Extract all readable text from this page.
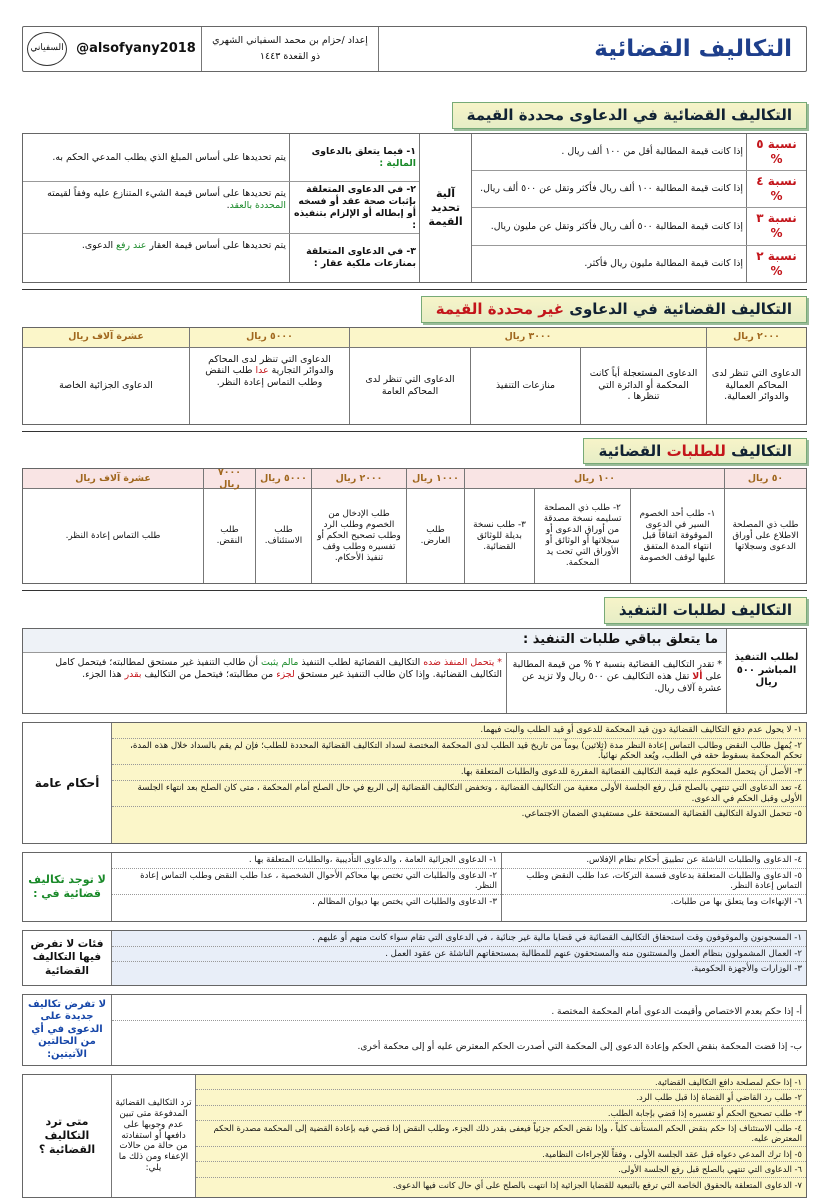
التكاليف القضائية
إعداد /حزام بن محمد السفياني الشهري
ذو القعدة ١٤٤٣
@alsofyany2018
السفياني
التكاليف القضائية في الدعاوى محددة القيمة
نسبة ٥ %
إذا كانت قيمة المطالبة أقل من ١٠٠ ألف ريال .
نسبة ٤ %
إذا كانت قيمة المطالبة ١٠٠ ألف ريال فأكثر وتقل عن ٥٠٠ ألف ريال.
نسبة ٣ %
إذا كانت قيمة المطالبة ٥٠٠ ألف ريال فأكثر وتقل عن مليون ريال.
نسبة ٢ %
إذا كانت قيمة المطالبة مليون ريال فأكثر.
آلية تحديد القيمة
١- فيما يتعلق بالدعاوى
المالية :
يتم تحديدها على أساس المبلغ الذي يطلب المدعي الحكم به.
٢- في الدعاوى المتعلقة بإثبات صحة عقد أو فسخه أو إبطاله أو الإلزام بتنفيذه :
يتم تحديدها على أساس قيمة الشيء المتنازع عليه وفقاً لقيمته المحددة بالعقد.
٣- في الدعاوى المتعلقة بمنازعات ملكية عقار :
يتم تحديدها على أساس قيمة العقار عند رفع الدعوى.
التكاليف القضائية في الدعاوى غير محددة القيمة
٢٠٠٠ ريال
٣٠٠٠ ريال
٥٠٠٠ ريال
عشرة آلاف ريال
الدعاوى التي تنظر لدى المحاكم العمالية والدوائر العمالية.
الدعاوى المستعجلة أياً كانت المحكمة أو الدائرة التي تنظرها .
منازعات التنفيذ
الدعاوى التي تنظر لدى المحاكم العامة
الدعاوى التي تنظر لدى المحاكم والدوائر التجارية عدا طلب النقض وطلب التماس إعادة النظر.
الدعاوى الجزائية الخاصة
التكاليف للطلبات القضائية
٥٠ ريال
١٠٠ ريال
١٠٠٠ ريال
٢٠٠٠ ريال
٥٠٠٠ ريال
٧٠٠٠ ريال
عشرة آلاف ريال
طلب ذي المصلحة الاطلاع على أوراق الدعوى وسجلاتها
١- طلب أحد الخصوم السير في الدعوى الموقوفة اتفاقاً قبل انتهاء المدة المتفق عليها لوقف الخصومة
٢- طلب ذي المصلحة تسليمه نسخة مصدقة من أوراق الدعوى أو سجلاتها أو الوثائق أو الأوراق التي تحت يد المحكمة.
٣- طلب نسخة بديلة للوثائق القضائية.
طلب العارض.
طلب الإدخال من الخصوم وطلب الرد وطلب تصحيح الحكم أو تفسيره وطلب وقف تنفيذ الأحكام.
طلب الاستئناف.
طلب النقض.
طلب التماس إعادة النظر.
التكاليف لطلبات التنفيذ
لطلب التنفيذ المباشر ٥٠٠ ريال
ما يتعلق بباقي طلبات التنفيذ :
* تقدر التكاليف القضائية بنسبة ٢ % من قيمة المطالبة على ألا تقل هذه التكاليف عن ٥٠٠ ريال ولا تزيد عن عشرة آلاف ريال.
* يتحمل المنفذ ضده التكاليف القضائية لطلب التنفيذ مالم يثبت أن طالب التنفيذ غير مستحق لمطالبته؛ فيتحمل كامل التكاليف القضائية. وإذا كان طالب التنفيذ غير مستحق لجزء من مطالبته؛ فيتحمل من التكاليف بقدر هذا الجزء.
١- لا يحول عدم دفع التكاليف القضائية دون قيد المحكمة للدعوى أو قيد الطلب والبت فيهما.
٢- يُمهل طالب النقض وطالب التماس إعادة النظر مدة (ثلاثين) يوماً من تاريخ قيد الطلب لدى المحكمة المختصة لسداد التكاليف القضائية المحددة للطلب؛ فإن لم يقم بالسداد خلال هذه المدة، تحكم المحكمة بسقوط حقه في الطلب، ويُعد الحكم نهائياً.
٣- الأصل أن يتحمل المحكوم عليه قيمة التكاليف القضائية المقررة للدعوى والطلبات المتعلقة بها.
٤- تعد الدعاوى التي تنتهي بالصلح قبل رفع الجلسة الأولى معفية من التكاليف القضائية ، وتخفض التكاليف القضائية إلى الربع في حال الصلح أمام المحكمة ، متى كان الصلح بعد انتهاء الجلسة الأولى وقبل الحكم في الدعوى.
٥- تتحمل الدولة التكاليف القضائية المستحقة على مستفيدي الضمان الاجتماعي.
أحكام عامة
٤- الدعاوى والطلبات الناشئة عن تطبيق أحكام نظام الإفلاس.
٥- الدعاوى والطلبات المتعلقة بدعاوى قسمة التركات، عدا طلب النقض وطلب التماس إعادة النظر.
٦- الإنهاءات وما يتعلق بها من طلبات.
١- الدعاوى الجزائية العامة ، والدعاوى التأديبية ،والطلبات المتعلقة بها .
٢- الدعاوى والطلبات التي تختص بها محاكم الأحوال الشخصية ، عدا طلب النقض وطلب التماس إعادة النظر.
٣- الدعاوى والطلبات التي يختص بها ديوان المظالم .
لا توجد تكاليف قضائية في :
١- المسجونون والموقوفون وقت استحقاق التكاليف القضائية في قضايا مالية غير جنائية ، في الدعاوى التي تقام سواء كانت منهم أو عليهم .
٢- العمال المشمولون بنظام العمل والمستثنون منه والمستحقون عنهم للمطالبة بمستحقاتهم الناشئة عن عقود العمل .
٣- الوزارات والأجهزة الحكومية.
فئات لا تفرض فيها التكاليف القضائية
أ- إذا حكم بعدم الاختصاص وأقيمت الدعوى أمام المحكمة المختصة .
ب- إذا قضت المحكمة بنقض الحكم وإعادة الدعوى إلى المحكمة التي أصدرت الحكم المعترض عليه أو إلى محكمة أخرى.
لا تفرض تكاليف جديدة على الدعوى في أي من الحالتين الآتيتين:
١- إذا حكم لمصلحة دافع التكاليف القضائية.
٢- طلب رد القاضي أو القضاة إذا قبل طلب الرد.
٣- طلب تصحيح الحكم أو تفسيره إذا قضي بإجابة الطلب.
٤- طلب الاستئناف إذا حكم بنقض الحكم المستأنف كلياً ، وإذا نقض الحكم جزئياً فيعفى بقدر ذلك الجزء، وطلب النقض إذا قضي فيه بإعادة القضية إلى المحكمة مصدرة الحكم المعترض عليه.
٥- إذا ترك المدعي دعواه قبل عقد الجلسة الأولى ، وفقاً للإجراءات النظامية.
٦- الدعاوى التي تنتهي بالصلح قبل رفع الجلسة الأولى.
٧- الدعاوى المتعلقة بالحقوق الخاصة التي ترفع بالتبعية للقضايا الجزائية إذا انتهت بالصلح على أي حال كانت فيها الدعوى.
ترد التكاليف القضائية المدفوعة متى تبين عدم وجوبها على دافعها أو استفادته من حالة من حالات الإعفاء ومن ذلك ما يلي:
متى ترد التكاليف القضائية ؟
